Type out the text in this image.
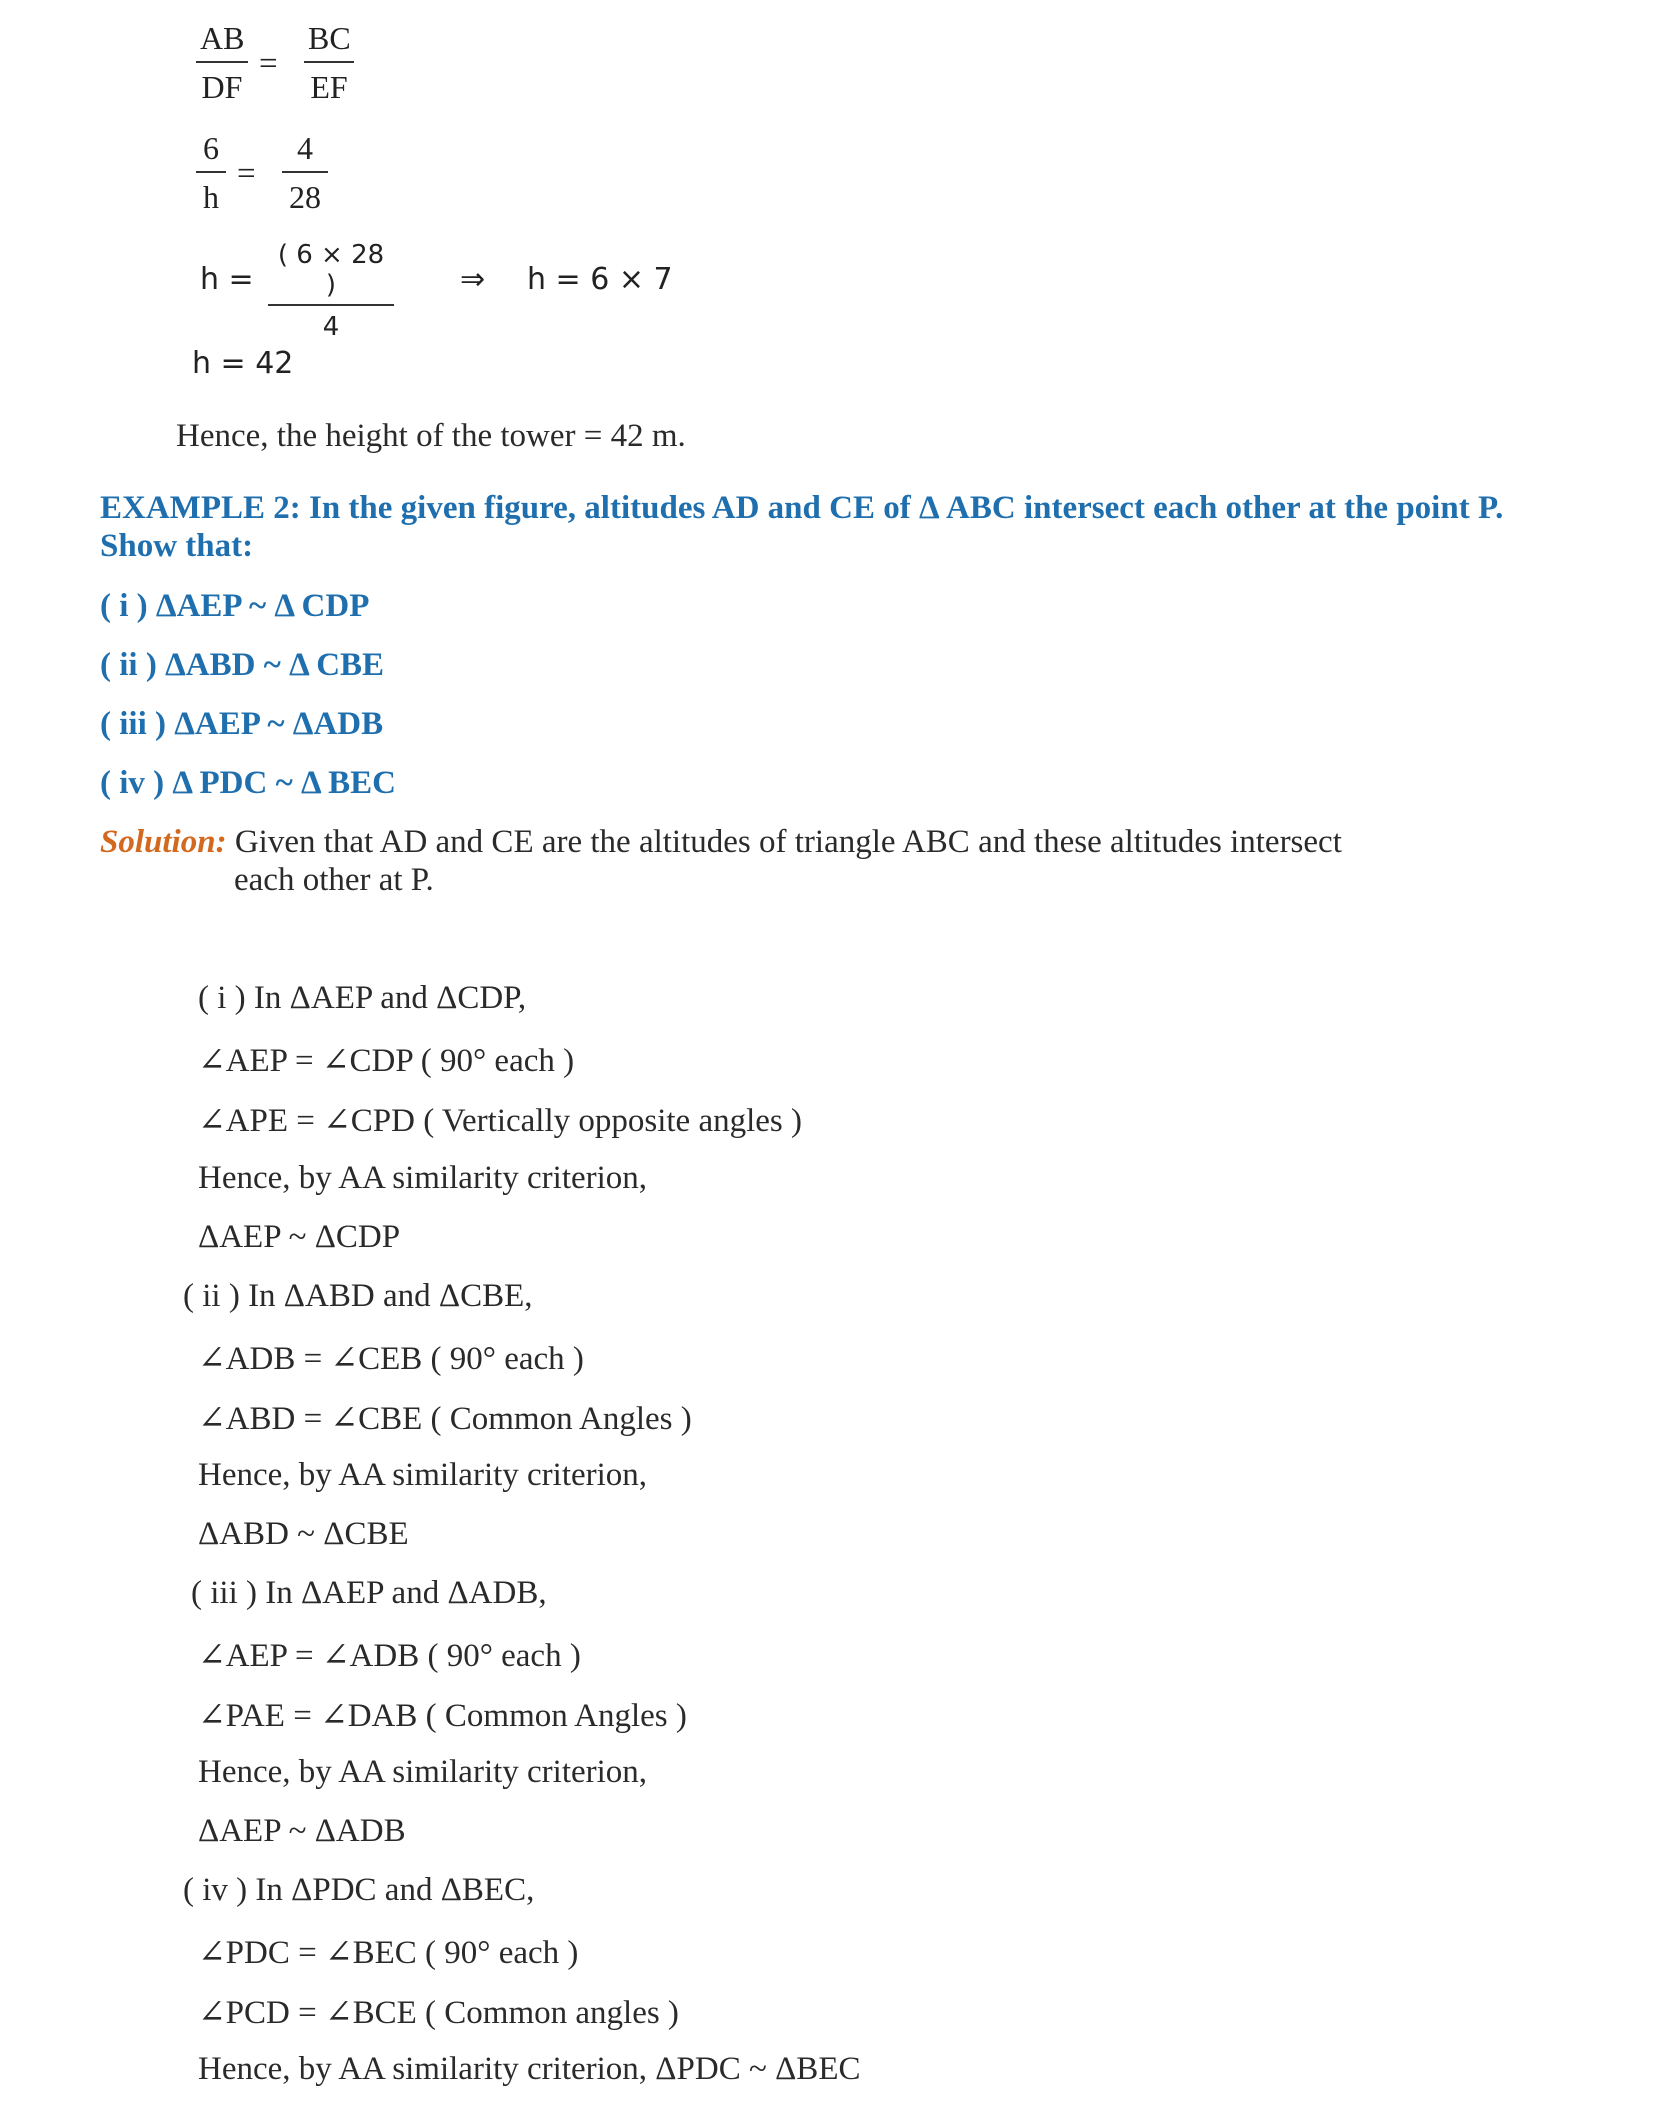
AB
DF
=
BC
EF
6
h
=
4
28
h =
( 6 × 28 )
4
⇒ h = 6 × 7
h = 42
Hence, the height of the tower = 42 m.
EXAMPLE 2: In the given figure, altitudes AD and CE of Δ ABC intersect each other at the point P.
Show that:
( i ) ΔAEP ~ Δ CDP
( ii ) ΔABD ~ Δ CBE
( iii ) ΔAEP ~ ΔADB
( iv ) Δ PDC ~ Δ BEC
Solution: Given that AD and CE are the altitudes of triangle ABC and these altitudes intersect
each other at P.
( i ) In ΔAEP and ΔCDP,
∠AEP = ∠CDP ( 90° each )
∠APE = ∠CPD ( Vertically opposite angles )
Hence, by AA similarity criterion,
ΔAEP ~ ΔCDP
( ii ) In ΔABD and ΔCBE,
∠ADB = ∠CEB ( 90° each )
∠ABD = ∠CBE ( Common Angles )
Hence, by AA similarity criterion,
ΔABD ~ ΔCBE
( iii ) In ΔAEP and ΔADB,
∠AEP = ∠ADB ( 90° each )
∠PAE = ∠DAB ( Common Angles )
Hence, by AA similarity criterion,
ΔAEP ~ ΔADB
( iv ) In ΔPDC and ΔBEC,
∠PDC = ∠BEC ( 90° each )
∠PCD = ∠BCE ( Common angles )
Hence, by AA similarity criterion, ΔPDC ~ ΔBEC
